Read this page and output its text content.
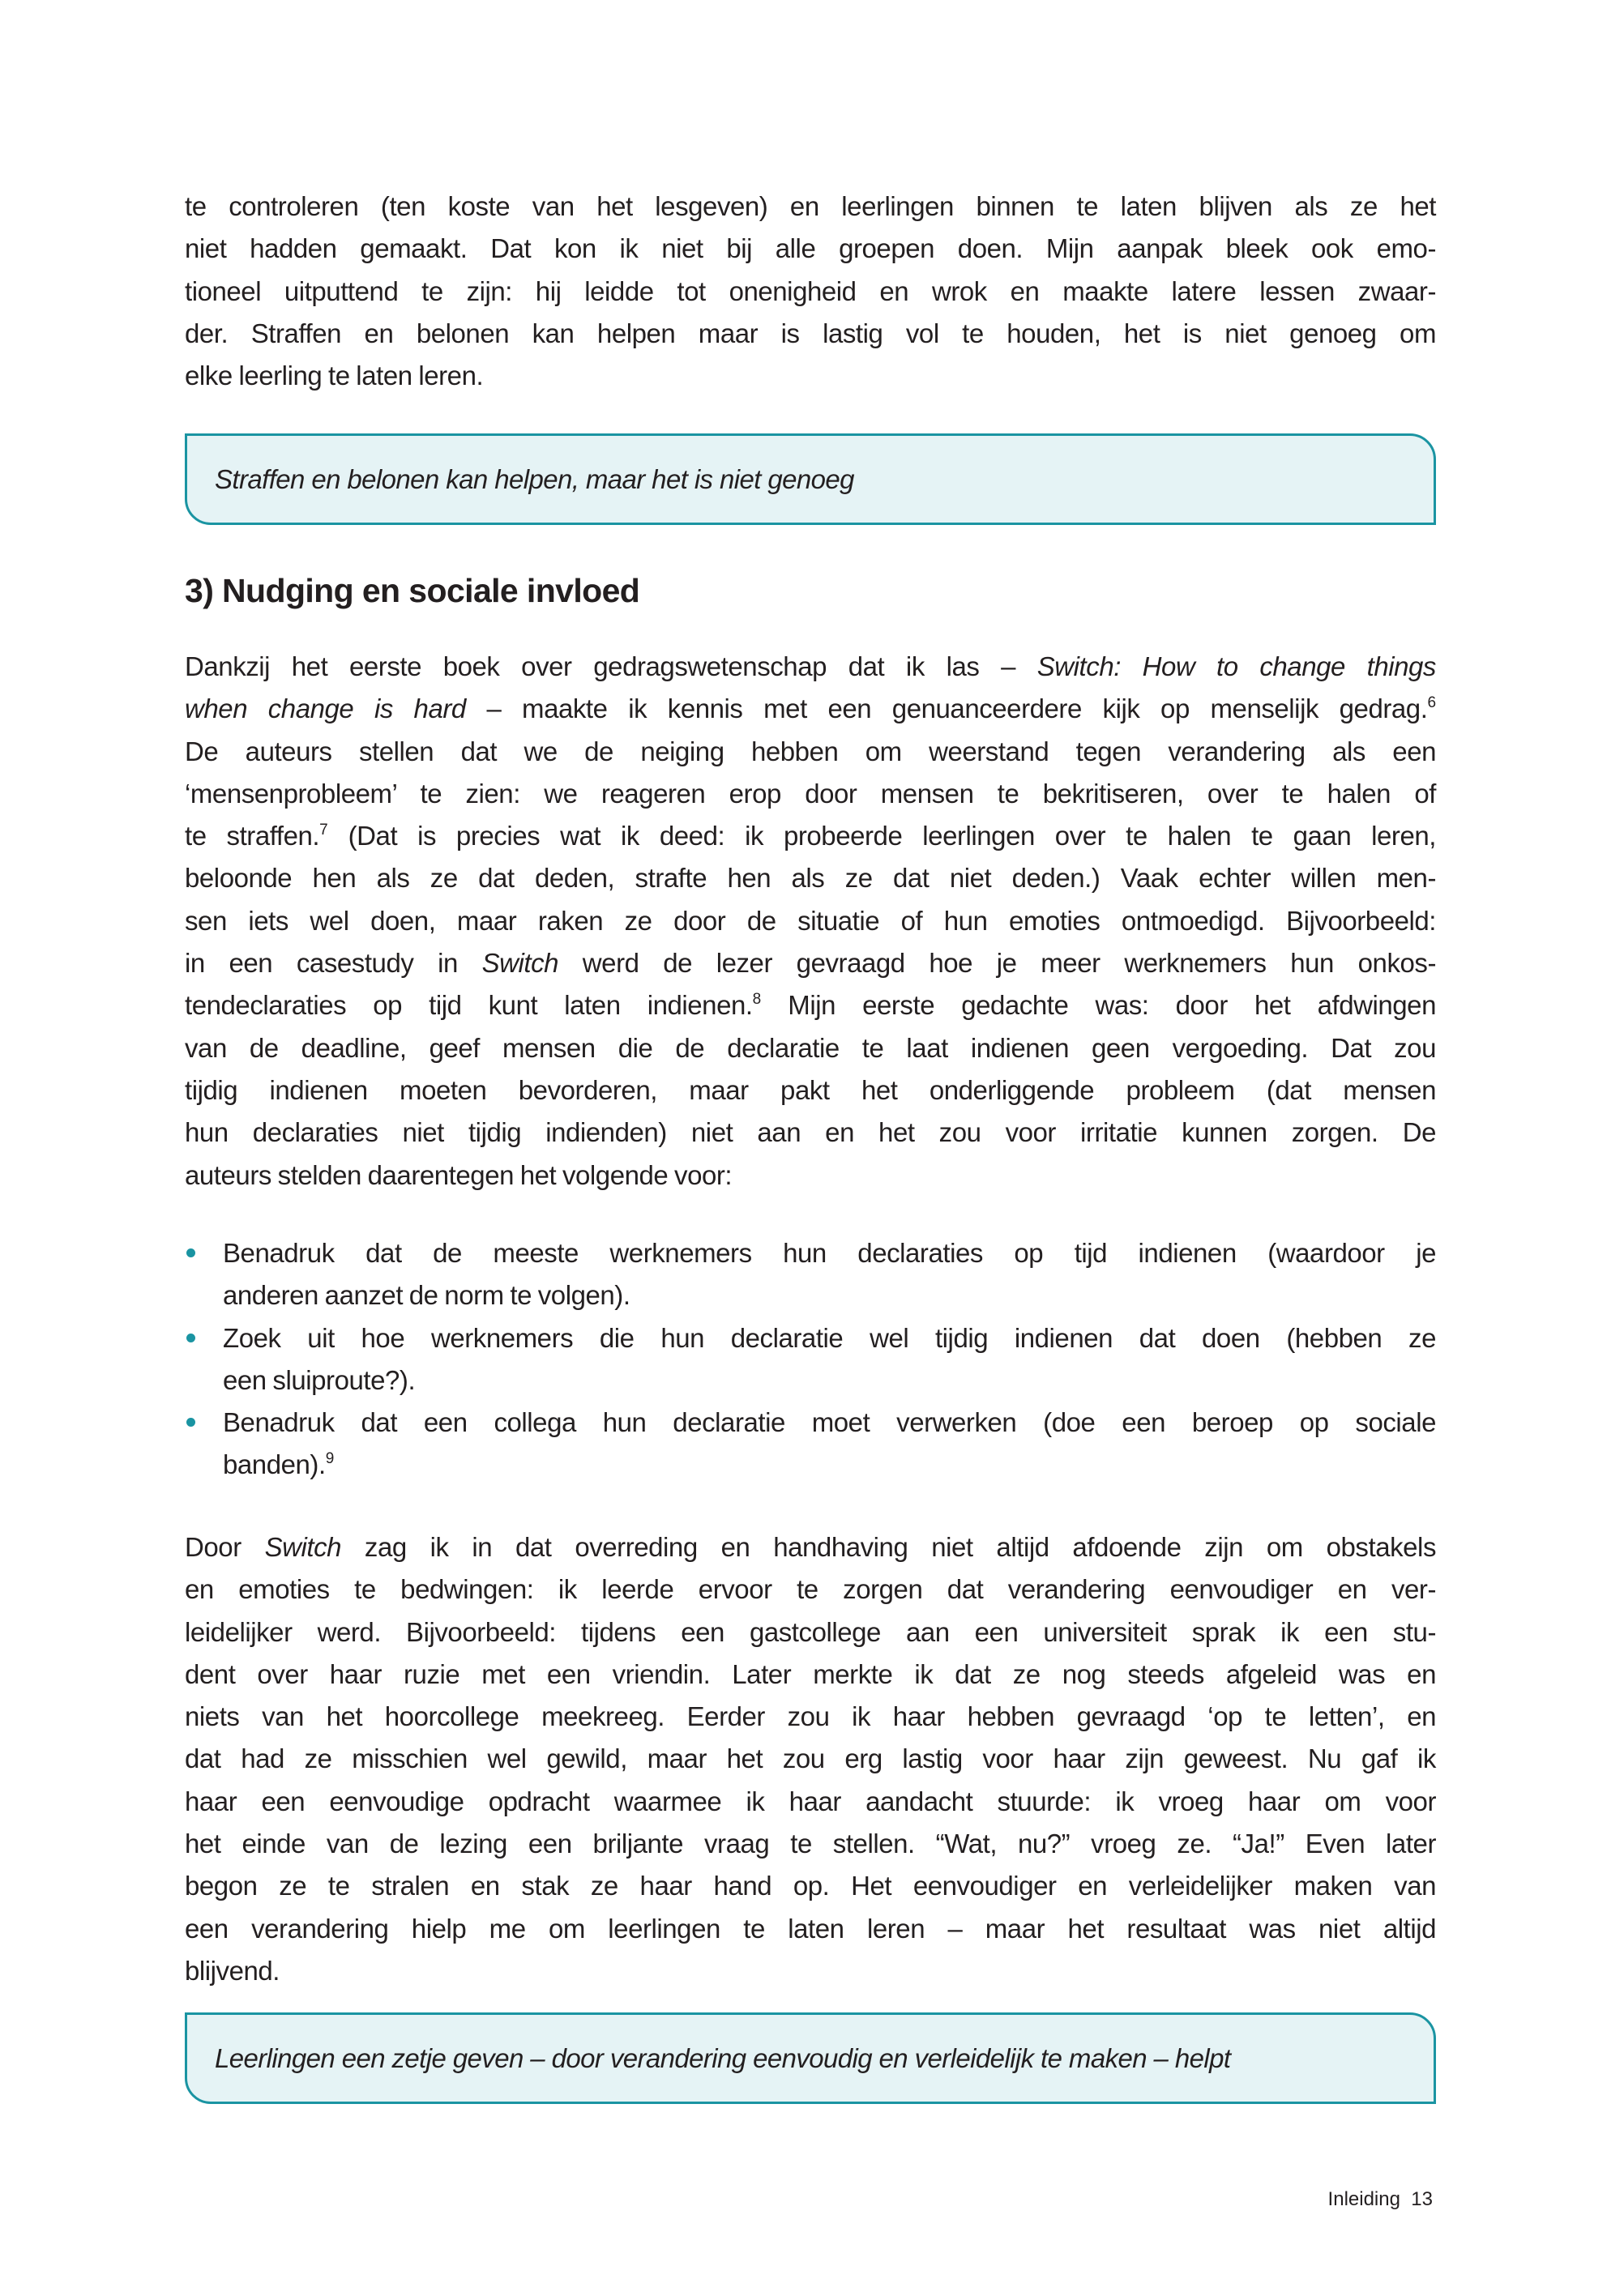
te controleren (ten koste van het lesgeven) en leerlingen binnen te laten blijven als ze het
niet hadden gemaakt. Dat kon ik niet bij alle groepen doen. Mijn aanpak bleek ook emo-
tioneel uitputtend te zijn: hij leidde tot onenigheid en wrok en maakte latere lessen zwaar-
der. Straffen en belonen kan helpen maar is lastig vol te houden, het is niet genoeg om
elke leerling te laten leren.
Straffen en belonen kan helpen, maar het is niet genoeg
3) Nudging en sociale invloed
Dankzij het eerste boek over gedragswetenschap dat ik las – Switch: How to change things
when change is hard – maakte ik kennis met een genuanceerdere kijk op menselijk gedrag.$^6$
De auteurs stellen dat we de neiging hebben om weerstand tegen verandering als een
‘mensenprobleem’ te zien: we reageren erop door mensen te bekritiseren, over te halen of
te straffen.$^7$ (Dat is precies wat ik deed: ik probeerde leerlingen over te halen te gaan leren,
beloonde hen als ze dat deden, strafte hen als ze dat niet deden.) Vaak echter willen men-
sen iets wel doen, maar raken ze door de situatie of hun emoties ontmoedigd. Bijvoorbeeld:
in een casestudy in Switch werd de lezer gevraagd hoe je meer werknemers hun onkos-
tendeclaraties op tijd kunt laten indienen.$^8$ Mijn eerste gedachte was: door het afdwingen
van de deadline, geef mensen die de declaratie te laat indienen geen vergoeding. Dat zou
tijdig indienen moeten bevorderen, maar pakt het onderliggende probleem (dat mensen
hun declaraties niet tijdig indienden) niet aan en het zou voor irritatie kunnen zorgen. De
auteurs stelden daarentegen het volgende voor:
Benadruk dat de meeste werknemers hun declaraties op tijd indienen (waardoor je
anderen aanzet de norm te volgen).
Zoek uit hoe werknemers die hun declaratie wel tijdig indienen dat doen (hebben ze
een sluiproute?).
Benadruk dat een collega hun declaratie moet verwerken (doe een beroep op sociale
banden).$^9$
Door Switch zag ik in dat overreding en handhaving niet altijd afdoende zijn om obstakels
en emoties te bedwingen: ik leerde ervoor te zorgen dat verandering eenvoudiger en ver-
leidelijker werd. Bijvoorbeeld: tijdens een gastcollege aan een universiteit sprak ik een stu-
dent over haar ruzie met een vriendin. Later merkte ik dat ze nog steeds afgeleid was en
niets van het hoorcollege meekreeg. Eerder zou ik haar hebben gevraagd ‘op te letten’, en
dat had ze misschien wel gewild, maar het zou erg lastig voor haar zijn geweest. Nu gaf ik
haar een eenvoudige opdracht waarmee ik haar aandacht stuurde: ik vroeg haar om voor
het einde van de lezing een briljante vraag te stellen. “Wat, nu?” vroeg ze. “Ja!” Even later
begon ze te stralen en stak ze haar hand op. Het eenvoudiger en verleidelijker maken van
een verandering hielp me om leerlingen te laten leren – maar het resultaat was niet altijd
blijvend.
Leerlingen een zetje geven – door verandering eenvoudig en verleidelijk te maken – helpt
Inleiding 13
